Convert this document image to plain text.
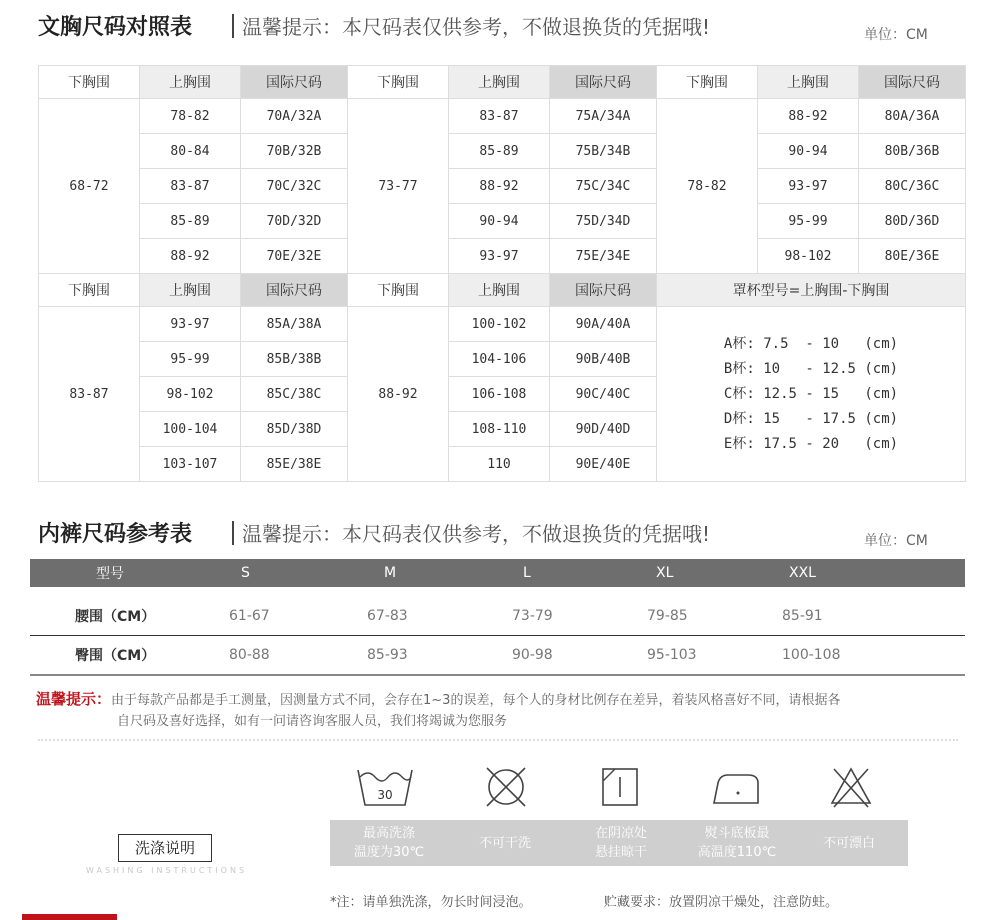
文胸尺码对照表 温馨提示：本尺码表仅供参考，不做退换货的凭据哦!	单位：CM
下胸围	上胸围	国际尺码	下胸围	上胸围	国际尺码	下胸围	上胸围	国际尺码
68-72	78-82	70A/32A	73-77	83-87	75A/34A	78-82	88-92	80A/36A
	80-84	70B/32B		85-89	75B/34B		90-94	80B/36B
	83-87	70C/32C		88-92	75C/34C		93-97	80C/36C
	85-89	70D/32D		90-94	75D/34D		95-99	80D/36D
	88-92	70E/32E		93-97	75E/34E		98-102	80E/36E
下胸围	上胸围	国际尺码	下胸围	上胸围	国际尺码	罩杯型号=上胸围-下胸围		
83-87	93-97	85A/38A	88-92	100-102	90A/40A	A杯: 7.5  - 10   (cm)
B杯: 10   - 12.5 (cm)
C杯: 12.5 - 15   (cm)
D杯: 15   - 17.5 (cm)
E杯: 17.5 - 20   (cm)		

	95-99	85B/38B		104-106	90B/40B			
	98-102	85C/38C		106-108	90C/40C			
	100-104	85D/38D		108-110	90D/40D			
	103-107	85E/38E		110	90E/40E			
内裤尺码参考表 温馨提示：本尺码表仅供参考，不做退换货的凭据哦!	单位：CM
型号	S	M	L	XL	XXL
腰围（CM）	61-67	67-83	73-79	79-85	85-91
臀围（CM）	80-88	85-93	90-98	95-103	100-108
温馨提示：由于每款产品都是手工测量，因测量方式不同，会存在1~3的误差，每个人的身材比例存在差异，着装风格喜好不同，请根据各
自尺码及喜好选择，如有一问请咨询客服人员，我们将竭诚为您服务
洗涤说明
WASHING INSTRUCTIONS
30
最高洗涤
温度为30℃
不可干洗
在阴凉处
悬挂晾干
熨斗底板最
高温度110℃
不可漂白
*注：请单独洗涤，勿长时间浸泡。	贮藏要求：放置阴凉干燥处，注意防蛀。
